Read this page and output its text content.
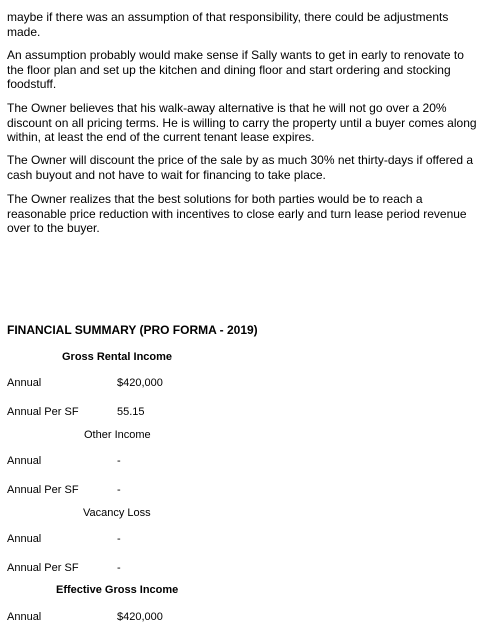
maybe if there was an assumption of that responsibility, there could be adjustments made.

An assumption probably would make sense if Sally wants to get in early to renovate to the floor plan and set up the kitchen and dining floor and start ordering and stocking foodstuff.

The Owner believes that his walk-away alternative is that he will not go over a 20% discount on all pricing terms. He is willing to carry the property until a buyer comes along within, at least the end of the current tenant lease expires.

The Owner will discount the price of the sale by as much 30% net thirty-days if offered a cash buyout and not have to wait for financing to take place.

The Owner realizes that the best solutions for both parties would be to reach a reasonable price reduction with incentives to close early and turn lease period revenue over to the buyer.

FINANCIAL SUMMARY (PRO FORMA - 2019)

Gross Rental Income

Annual	$420,000

Annual Per SF	55.15

Other Income

Annual	-

Annual Per SF	-

Vacancy Loss

Annual	-

Annual Per SF	-

Effective Gross Income

Annual	$420,000
